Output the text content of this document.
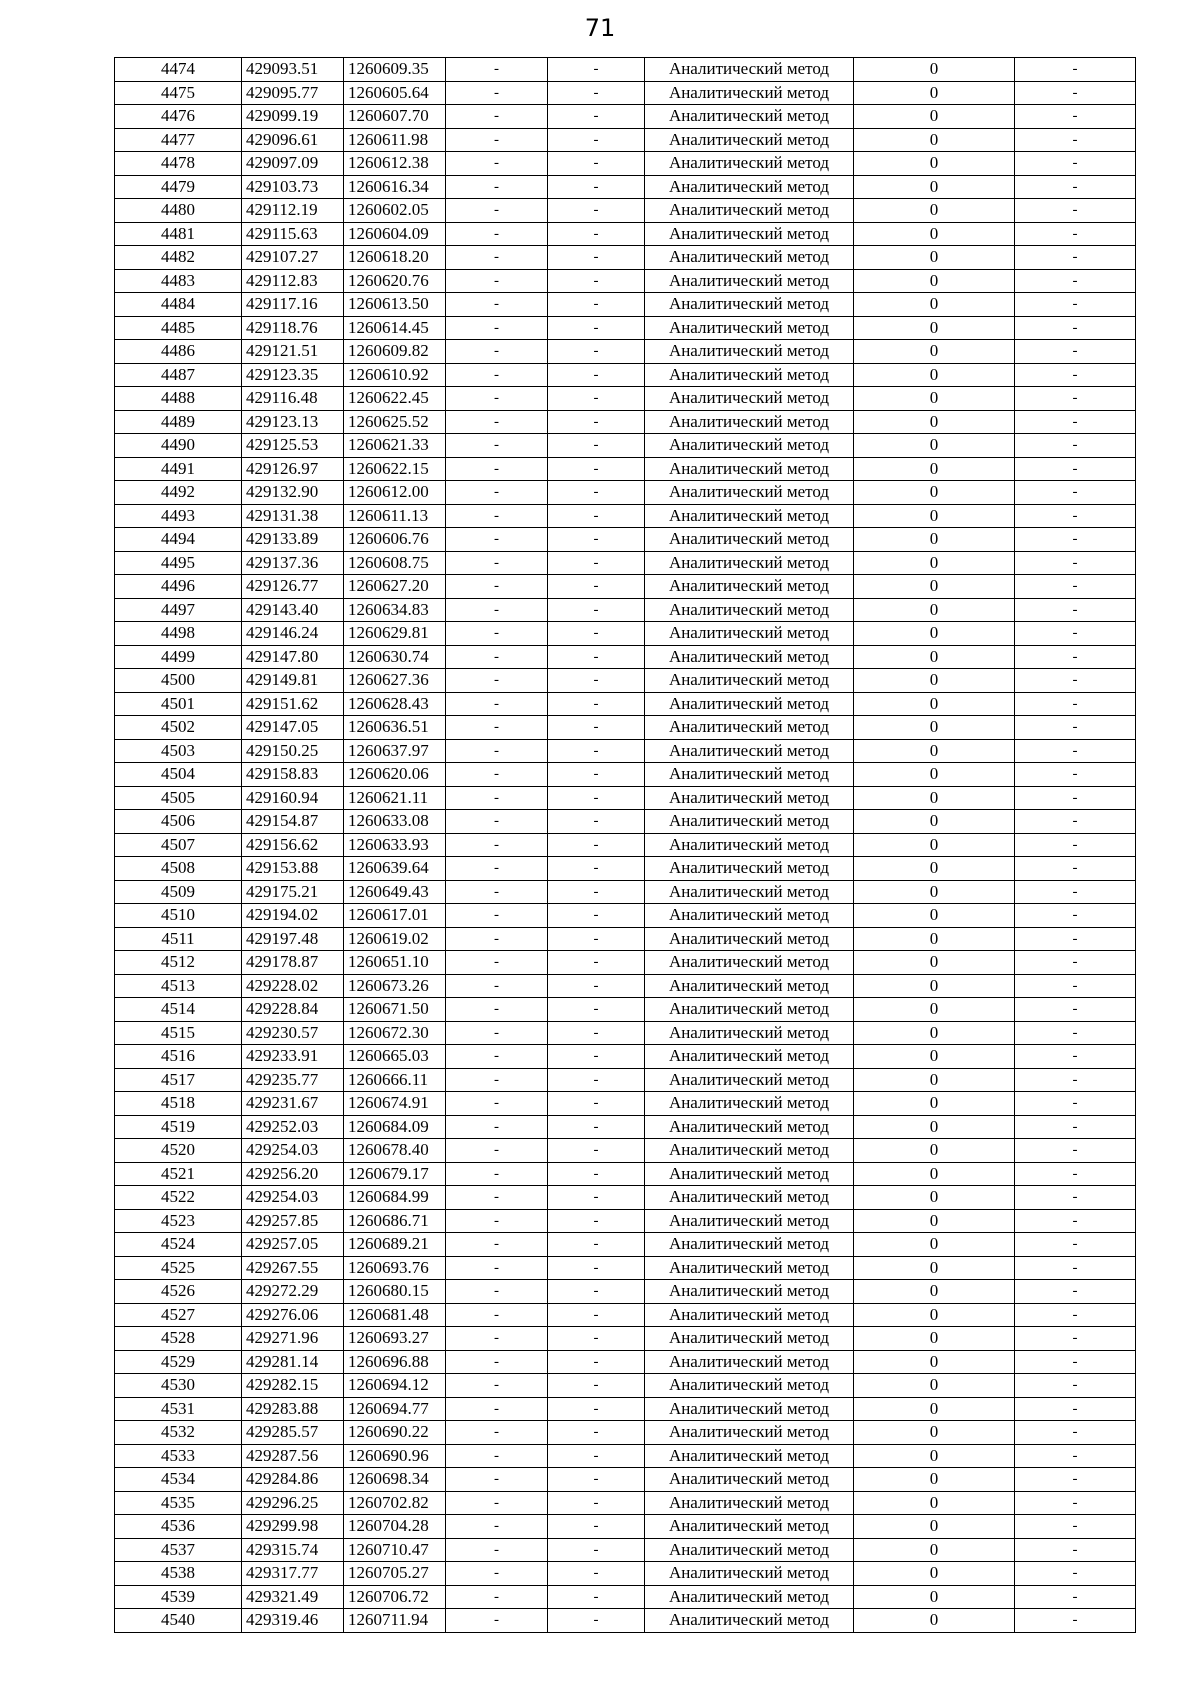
71
4474	429093.51	1260609.35	-	-	Аналитический метод	0	-
4475	429095.77	1260605.64	-	-	Аналитический метод	0	-
4476	429099.19	1260607.70	-	-	Аналитический метод	0	-
4477	429096.61	1260611.98	-	-	Аналитический метод	0	-
4478	429097.09	1260612.38	-	-	Аналитический метод	0	-
4479	429103.73	1260616.34	-	-	Аналитический метод	0	-
4480	429112.19	1260602.05	-	-	Аналитический метод	0	-
4481	429115.63	1260604.09	-	-	Аналитический метод	0	-
4482	429107.27	1260618.20	-	-	Аналитический метод	0	-
4483	429112.83	1260620.76	-	-	Аналитический метод	0	-
4484	429117.16	1260613.50	-	-	Аналитический метод	0	-
4485	429118.76	1260614.45	-	-	Аналитический метод	0	-
4486	429121.51	1260609.82	-	-	Аналитический метод	0	-
4487	429123.35	1260610.92	-	-	Аналитический метод	0	-
4488	429116.48	1260622.45	-	-	Аналитический метод	0	-
4489	429123.13	1260625.52	-	-	Аналитический метод	0	-
4490	429125.53	1260621.33	-	-	Аналитический метод	0	-
4491	429126.97	1260622.15	-	-	Аналитический метод	0	-
4492	429132.90	1260612.00	-	-	Аналитический метод	0	-
4493	429131.38	1260611.13	-	-	Аналитический метод	0	-
4494	429133.89	1260606.76	-	-	Аналитический метод	0	-
4495	429137.36	1260608.75	-	-	Аналитический метод	0	-
4496	429126.77	1260627.20	-	-	Аналитический метод	0	-
4497	429143.40	1260634.83	-	-	Аналитический метод	0	-
4498	429146.24	1260629.81	-	-	Аналитический метод	0	-
4499	429147.80	1260630.74	-	-	Аналитический метод	0	-
4500	429149.81	1260627.36	-	-	Аналитический метод	0	-
4501	429151.62	1260628.43	-	-	Аналитический метод	0	-
4502	429147.05	1260636.51	-	-	Аналитический метод	0	-
4503	429150.25	1260637.97	-	-	Аналитический метод	0	-
4504	429158.83	1260620.06	-	-	Аналитический метод	0	-
4505	429160.94	1260621.11	-	-	Аналитический метод	0	-
4506	429154.87	1260633.08	-	-	Аналитический метод	0	-
4507	429156.62	1260633.93	-	-	Аналитический метод	0	-
4508	429153.88	1260639.64	-	-	Аналитический метод	0	-
4509	429175.21	1260649.43	-	-	Аналитический метод	0	-
4510	429194.02	1260617.01	-	-	Аналитический метод	0	-
4511	429197.48	1260619.02	-	-	Аналитический метод	0	-
4512	429178.87	1260651.10	-	-	Аналитический метод	0	-
4513	429228.02	1260673.26	-	-	Аналитический метод	0	-
4514	429228.84	1260671.50	-	-	Аналитический метод	0	-
4515	429230.57	1260672.30	-	-	Аналитический метод	0	-
4516	429233.91	1260665.03	-	-	Аналитический метод	0	-
4517	429235.77	1260666.11	-	-	Аналитический метод	0	-
4518	429231.67	1260674.91	-	-	Аналитический метод	0	-
4519	429252.03	1260684.09	-	-	Аналитический метод	0	-
4520	429254.03	1260678.40	-	-	Аналитический метод	0	-
4521	429256.20	1260679.17	-	-	Аналитический метод	0	-
4522	429254.03	1260684.99	-	-	Аналитический метод	0	-
4523	429257.85	1260686.71	-	-	Аналитический метод	0	-
4524	429257.05	1260689.21	-	-	Аналитический метод	0	-
4525	429267.55	1260693.76	-	-	Аналитический метод	0	-
4526	429272.29	1260680.15	-	-	Аналитический метод	0	-
4527	429276.06	1260681.48	-	-	Аналитический метод	0	-
4528	429271.96	1260693.27	-	-	Аналитический метод	0	-
4529	429281.14	1260696.88	-	-	Аналитический метод	0	-
4530	429282.15	1260694.12	-	-	Аналитический метод	0	-
4531	429283.88	1260694.77	-	-	Аналитический метод	0	-
4532	429285.57	1260690.22	-	-	Аналитический метод	0	-
4533	429287.56	1260690.96	-	-	Аналитический метод	0	-
4534	429284.86	1260698.34	-	-	Аналитический метод	0	-
4535	429296.25	1260702.82	-	-	Аналитический метод	0	-
4536	429299.98	1260704.28	-	-	Аналитический метод	0	-
4537	429315.74	1260710.47	-	-	Аналитический метод	0	-
4538	429317.77	1260705.27	-	-	Аналитический метод	0	-
4539	429321.49	1260706.72	-	-	Аналитический метод	0	-
4540	429319.46	1260711.94	-	-	Аналитический метод	0	-
